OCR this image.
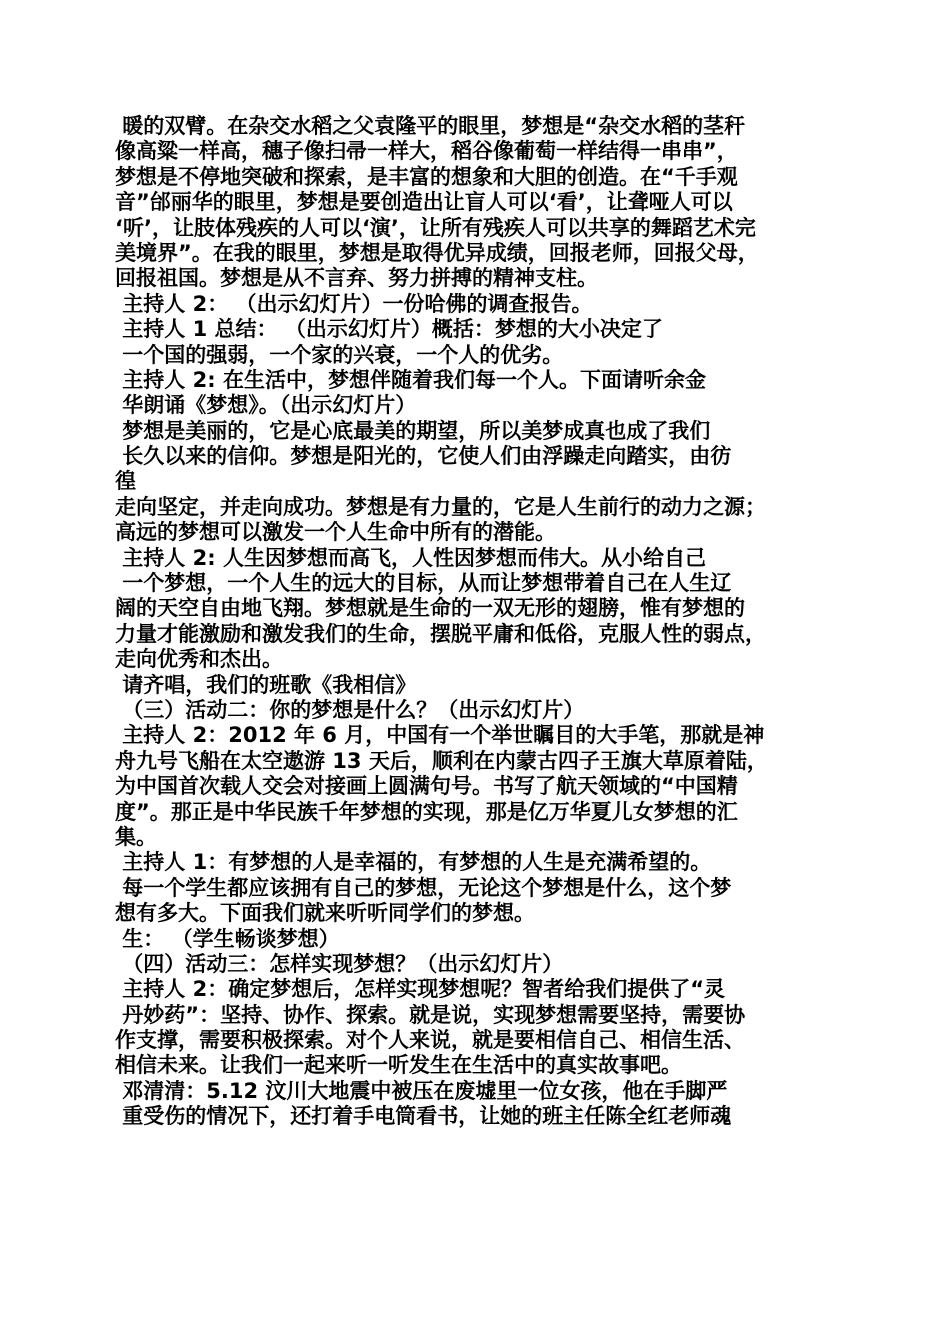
暖的双臂。在杂交水稻之父袁隆平的眼里，梦想是“杂交水稻的茎秆
像高粱一样高，穗子像扫帚一样大，稻谷像葡萄一样结得一串串”，
梦想是不停地突破和探索，是丰富的想象和大胆的创造。在“千手观
音”邰丽华的眼里，梦想是要创造出让盲人可以‘看’，让聋哑人可以
‘听’，让肢体残疾的人可以‘演’，让所有残疾人可以共享的舞蹈艺术完
美境界”。在我的眼里，梦想是取得优异成绩，回报老师，回报父母，
回报祖国。梦想是从不言弃、努力拼搏的精神支柱。
主持人 2： （出示幻灯片）一份哈佛的调查报告。
主持人 1 总结： （出示幻灯片）概括：梦想的大小决定了
一个国的强弱，一个家的兴衰，一个人的优劣。
主持人 2: 在生活中，梦想伴随着我们每一个人。下面请听余金
华朗诵《梦想》。（出示幻灯片）
梦想是美丽的，它是心底最美的期望，所以美梦成真也成了我们
长久以来的信仰。梦想是阳光的，它使人们由浮躁走向踏实，由彷
徨
走向坚定，并走向成功。梦想是有力量的，它是人生前行的动力之源；
高远的梦想可以激发一个人生命中所有的潜能。
主持人 2: 人生因梦想而高飞，人性因梦想而伟大。从小给自己
一个梦想，一个人生的远大的目标，从而让梦想带着自己在人生辽
阔的天空自由地飞翔。梦想就是生命的一双无形的翅膀，惟有梦想的
力量才能激励和激发我们的生命，摆脱平庸和低俗，克服人性的弱点，
走向优秀和杰出。
请齐唱，我们的班歌《我相信》
（三）活动二：你的梦想是什么？（出示幻灯片）
主持人 2：2012 年 6 月，中国有一个举世瞩目的大手笔，那就是神
舟九号飞船在太空遨游 13 天后，顺利在内蒙古四子王旗大草原着陆，
为中国首次载人交会对接画上圆满句号。书写了航天领域的“中国精
度”。那正是中华民族千年梦想的实现，那是亿万华夏儿女梦想的汇
集。
主持人 1：有梦想的人是幸福的，有梦想的人生是充满希望的。
每一个学生都应该拥有自己的梦想，无论这个梦想是什么，这个梦
想有多大。下面我们就来听听同学们的梦想。
生： （学生畅谈梦想）
（四）活动三：怎样实现梦想？（出示幻灯片）
主持人 2：确定梦想后，怎样实现梦想呢？智者给我们提供了“灵
丹妙药”：坚持、协作、探索。就是说，实现梦想需要坚持，需要协
作支撑，需要积极探索。对个人来说，就是要相信自己、相信生活、
相信未来。让我们一起来听一听发生在生活中的真实故事吧。
邓清清：5.12 汶川大地震中被压在废墟里一位女孩，他在手脚严
重受伤的情况下，还打着手电筒看书，让她的班主任陈全红老师魂
